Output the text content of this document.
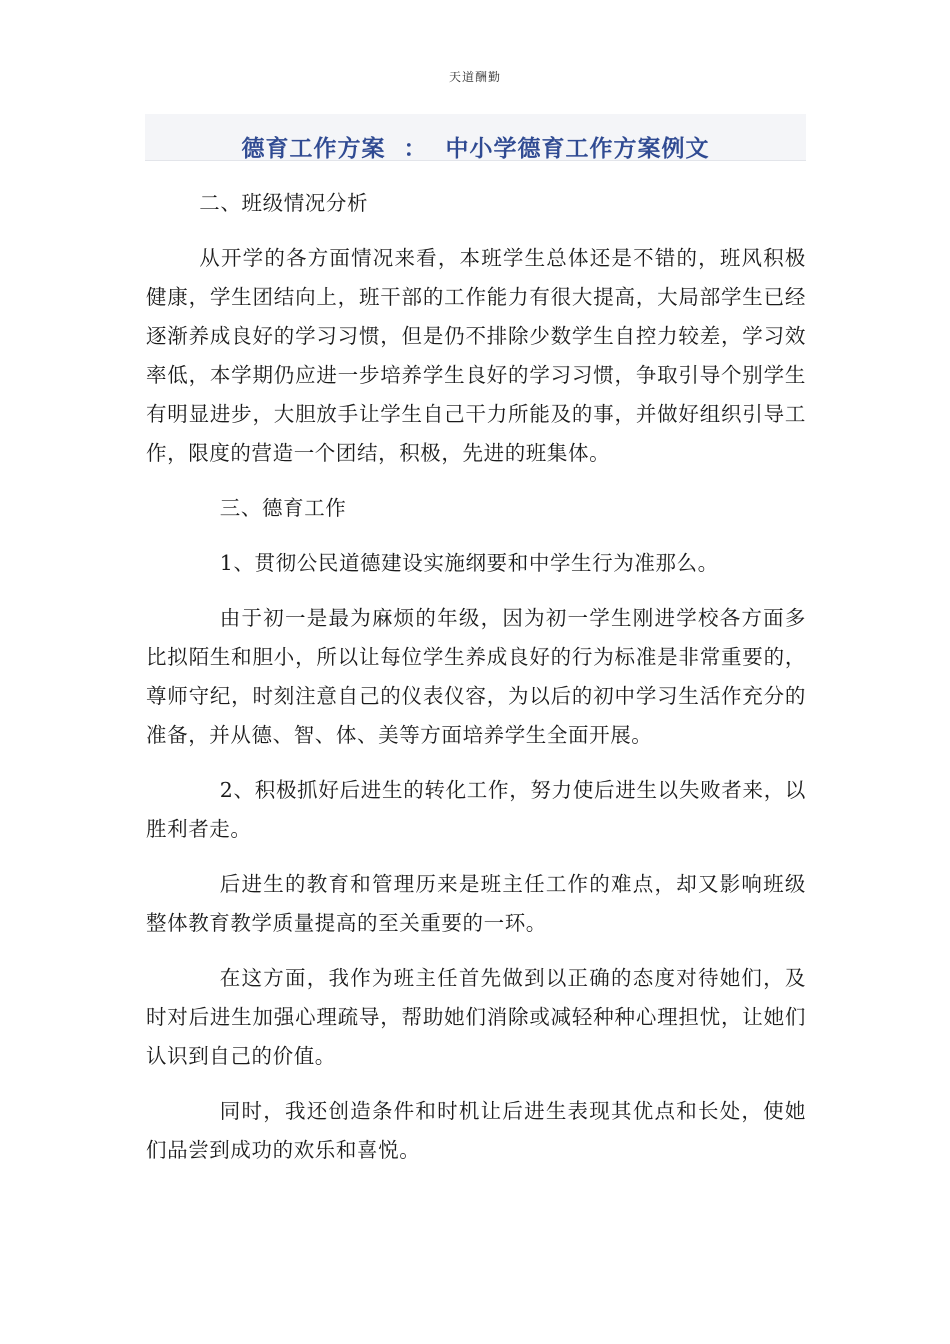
天道酬勤
德育工作方案  ：  中小学德育工作方案例文

二、班级情况分析

从开学的各方面情况来看，本班学生总体还是不错的，班风积极健康，学生团结向上，班干部的工作能力有很大提高，大局部学生已经逐渐养成良好的学习习惯，但是仍不排除少数学生自控力较差，学习效率低，本学期仍应进一步培养学生良好的学习习惯，争取引导个别学生有明显进步，大胆放手让学生自己干力所能及的事，并做好组织引导工作，限度的营造一个团结，积极，先进的班集体。

三、德育工作

1、贯彻公民道德建设实施纲要和中学生行为准那么。

由于初一是最为麻烦的年级，因为初一学生刚进学校各方面多比拟陌生和胆小，所以让每位学生养成良好的行为标准是非常重要的，尊师守纪，时刻注意自己的仪表仪容，为以后的初中学习生活作充分的准备，并从德、智、体、美等方面培养学生全面开展。

2、积极抓好后进生的转化工作，努力使后进生以失败者来，以胜利者走。

后进生的教育和管理历来是班主任工作的难点，却又影响班级整体教育教学质量提高的至关重要的一环。

在这方面，我作为班主任首先做到以正确的态度对待她们，及时对后进生加强心理疏导，帮助她们消除或减轻种种心理担忧，让她们认识到自己的价值。

同时，我还创造条件和时机让后进生表现其优点和长处，使她们品尝到成功的欢乐和喜悦。
